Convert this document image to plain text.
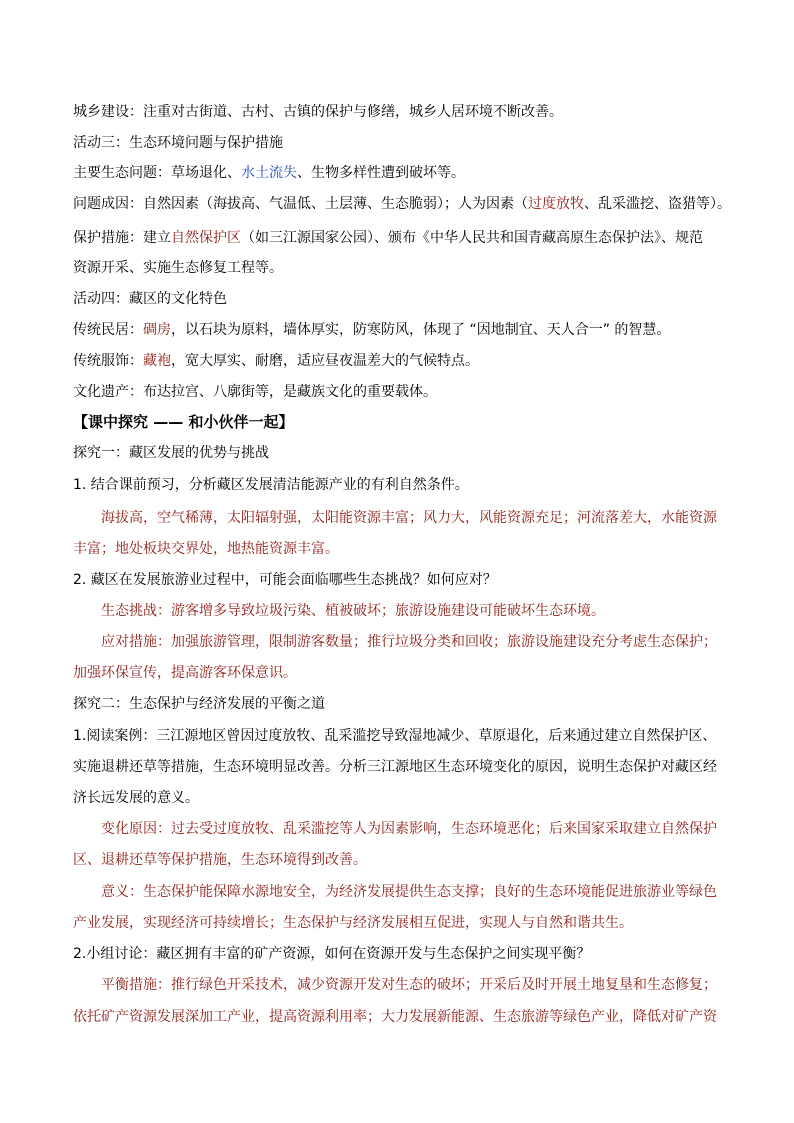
城乡建设：注重对古街道、古村、古镇的保护与修缮，城乡人居环境不断改善。
活动三：生态环境问题与保护措施
主要生态问题：草场退化、水土流失、生物多样性遭到破坏等。
问题成因：自然因素（海拔高、气温低、土层薄、生态脆弱）；人为因素（过度放牧、乱采滥挖、盗猎等）。
保护措施：建立自然保护区（如三江源国家公园）、颁布《中华人民共和国青藏高原生态保护法》、规范
资源开采、实施生态修复工程等。
活动四：藏区的文化特色
传统民居：碉房，以石块为原料，墙体厚实，防寒防风，体现了 “因地制宜、天人合一” 的智慧。
传统服饰：藏袍，宽大厚实、耐磨，适应昼夜温差大的气候特点。
文化遗产：布达拉宫、八廓街等，是藏族文化的重要载体。
【课中探究 —— 和小伙伴一起】
探究一：藏区发展的优势与挑战
1. 结合课前预习，分析藏区发展清洁能源产业的有利自然条件。
海拔高，空气稀薄，太阳辐射强，太阳能资源丰富；风力大，风能资源充足；河流落差大，水能资源
丰富；地处板块交界处，地热能资源丰富。
2. 藏区在发展旅游业过程中，可能会面临哪些生态挑战？如何应对？
生态挑战：游客增多导致垃圾污染、植被破坏；旅游设施建设可能破坏生态环境。
应对措施：加强旅游管理，限制游客数量；推行垃圾分类和回收；旅游设施建设充分考虑生态保护；
加强环保宣传，提高游客环保意识。
探究二：生态保护与经济发展的平衡之道
1.阅读案例：三江源地区曾因过度放牧、乱采滥挖导致湿地减少、草原退化，后来通过建立自然保护区、
实施退耕还草等措施，生态环境明显改善。分析三江源地区生态环境变化的原因，说明生态保护对藏区经
济长远发展的意义。
变化原因：过去受过度放牧、乱采滥挖等人为因素影响，生态环境恶化；后来国家采取建立自然保护
区、退耕还草等保护措施，生态环境得到改善。
意义：生态保护能保障水源地安全，为经济发展提供生态支撑；良好的生态环境能促进旅游业等绿色
产业发展，实现经济可持续增长；生态保护与经济发展相互促进，实现人与自然和谐共生。
2.小组讨论：藏区拥有丰富的矿产资源，如何在资源开发与生态保护之间实现平衡？
平衡措施：推行绿色开采技术，减少资源开发对生态的破坏；开采后及时开展土地复垦和生态修复；
依托矿产资源发展深加工产业，提高资源利用率；大力发展新能源、生态旅游等绿色产业，降低对矿产资
